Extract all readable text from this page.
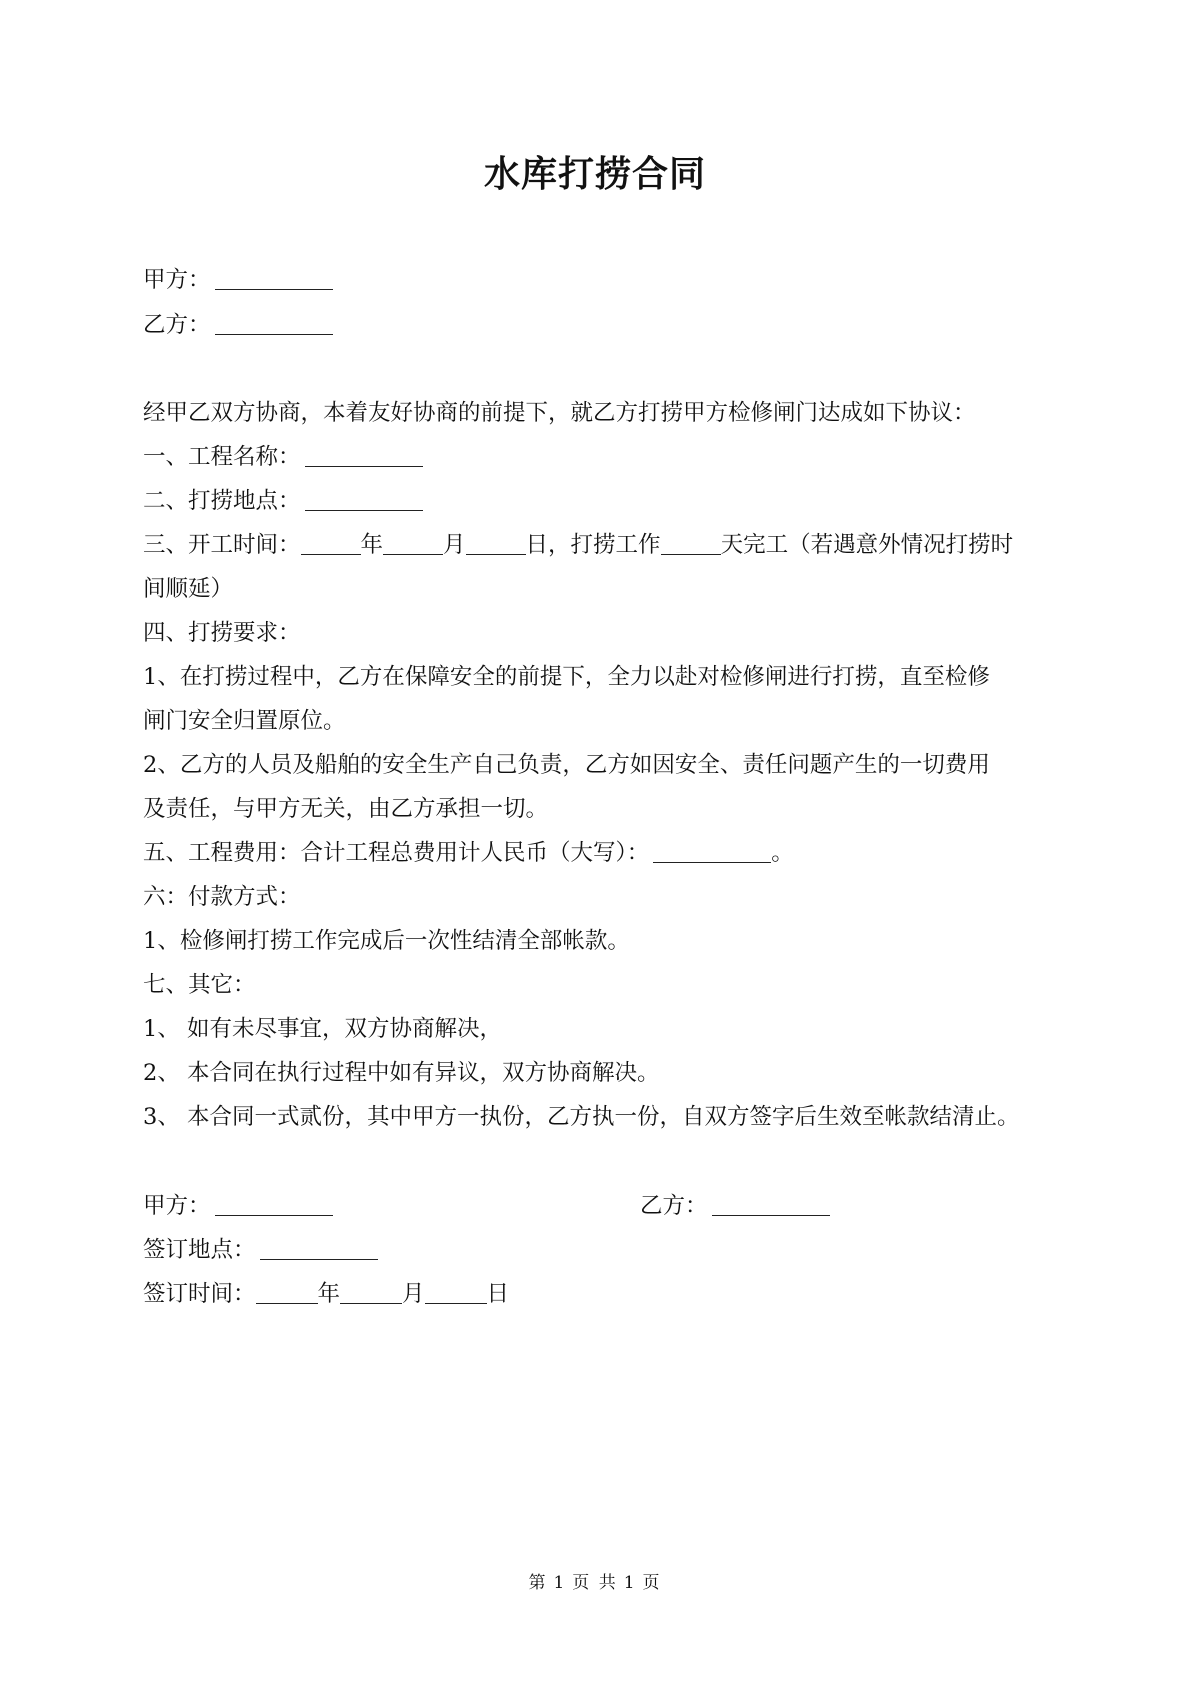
水库打捞合同
甲方：
乙方：
经甲乙双方协商，本着友好协商的前提下，就乙方打捞甲方检修闸门达成如下协议：
一、工程名称：
二、打捞地点：
三、开工时间：	年	月	日，打捞工作	天完工（若遇意外情况打捞时
间顺延）
四、打捞要求：
1、在打捞过程中，乙方在保障安全的前提下，全力以赴对检修闸进行打捞，直至检修
闸门安全归置原位。
2、乙方的人员及船舶的安全生产自己负责，乙方如因安全、责任问题产生的一切费用
及责任，与甲方无关，由乙方承担一切。
五、工程费用：合计工程总费用计人民币（大写）：	。
六：付款方式：
1、检修闸打捞工作完成后一次性结清全部帐款。
七、其它：
1、 如有未尽事宜，双方协商解决，
2、 本合同在执行过程中如有异议，双方协商解决。
3、 本合同一式贰份，其中甲方一执份，乙方执一份，自双方签字后生效至帐款结清止。
甲方：	乙方：
签订地点：
签订时间：	年	月	日
第 1 页 共 1 页
